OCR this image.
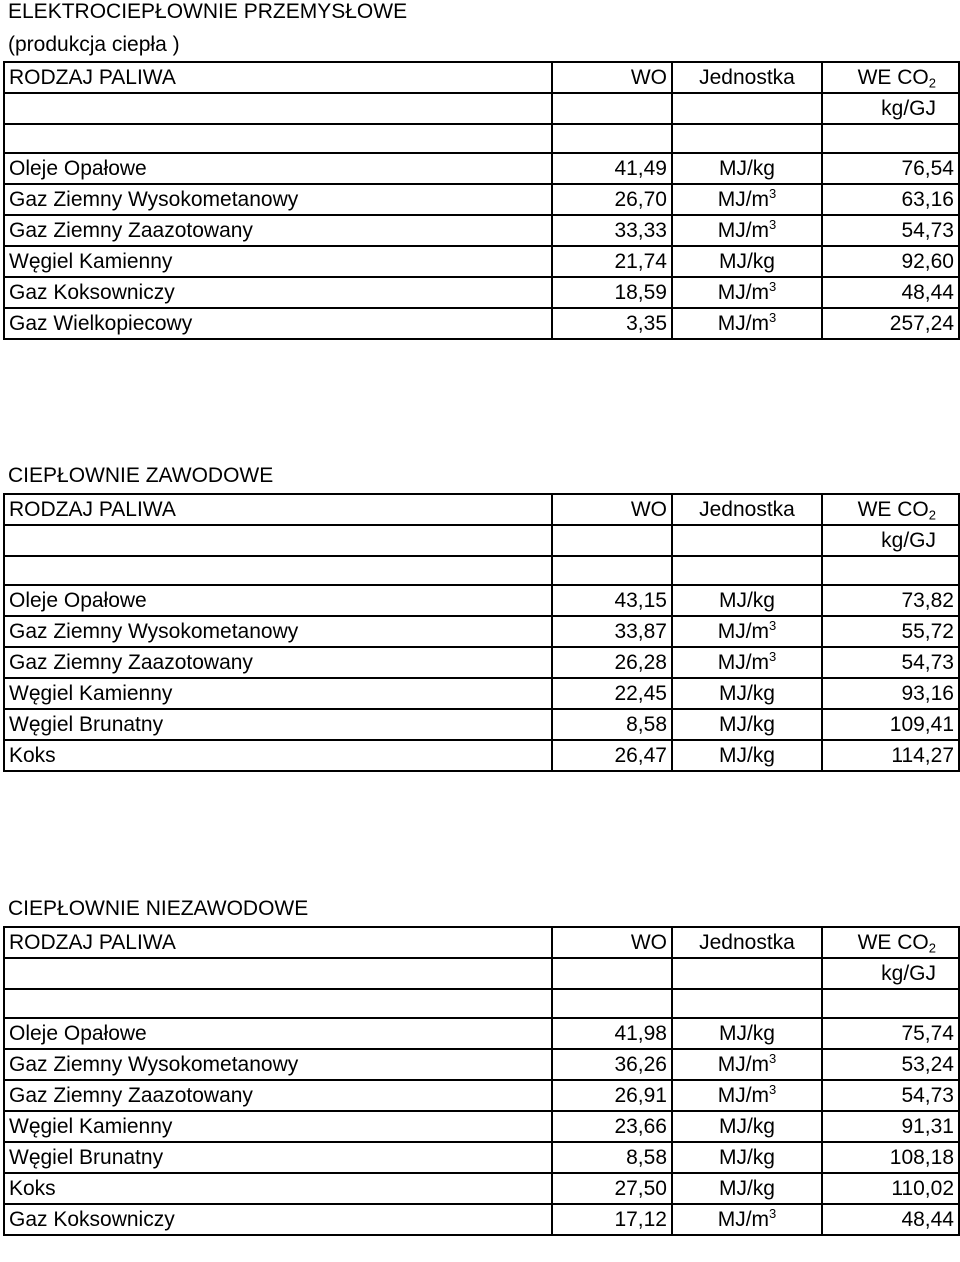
ELEKTROCIEPŁOWNIE PRZEMYSŁOWE
(produkcja ciepła )
RODZAJ PALIWA	WO	Jednostka	WE $CO_2$
			kg/GJ

Oleje Opałowe	41,49	MJ/kg	76,54
Gaz Ziemny Wysokometanowy	26,70	$MJ/m^3$	63,16
Gaz Ziemny Zaazotowany	33,33	$MJ/m^3$	54,73
Węgiel Kamienny	21,74	MJ/kg	92,60
Gaz Koksowniczy	18,59	$MJ/m^3$	48,44
Gaz Wielkopiecowy	3,35	$MJ/m^3$	257,24
CIEPŁOWNIE ZAWODOWE
RODZAJ PALIWA	WO	Jednostka	WE $CO_2$
			kg/GJ

Oleje Opałowe	43,15	MJ/kg	73,82
Gaz Ziemny Wysokometanowy	33,87	$MJ/m^3$	55,72
Gaz Ziemny Zaazotowany	26,28	$MJ/m^3$	54,73
Węgiel Kamienny	22,45	MJ/kg	93,16
Węgiel Brunatny	8,58	MJ/kg	109,41
Koks	26,47	MJ/kg	114,27
CIEPŁOWNIE NIEZAWODOWE
RODZAJ PALIWA	WO	Jednostka	WE $CO_2$
			kg/GJ

Oleje Opałowe	41,98	MJ/kg	75,74
Gaz Ziemny Wysokometanowy	36,26	$MJ/m^3$	53,24
Gaz Ziemny Zaazotowany	26,91	$MJ/m^3$	54,73
Węgiel Kamienny	23,66	MJ/kg	91,31
Węgiel Brunatny	8,58	MJ/kg	108,18
Koks	27,50	MJ/kg	110,02
Gaz Koksowniczy	17,12	$MJ/m^3$	48,44
